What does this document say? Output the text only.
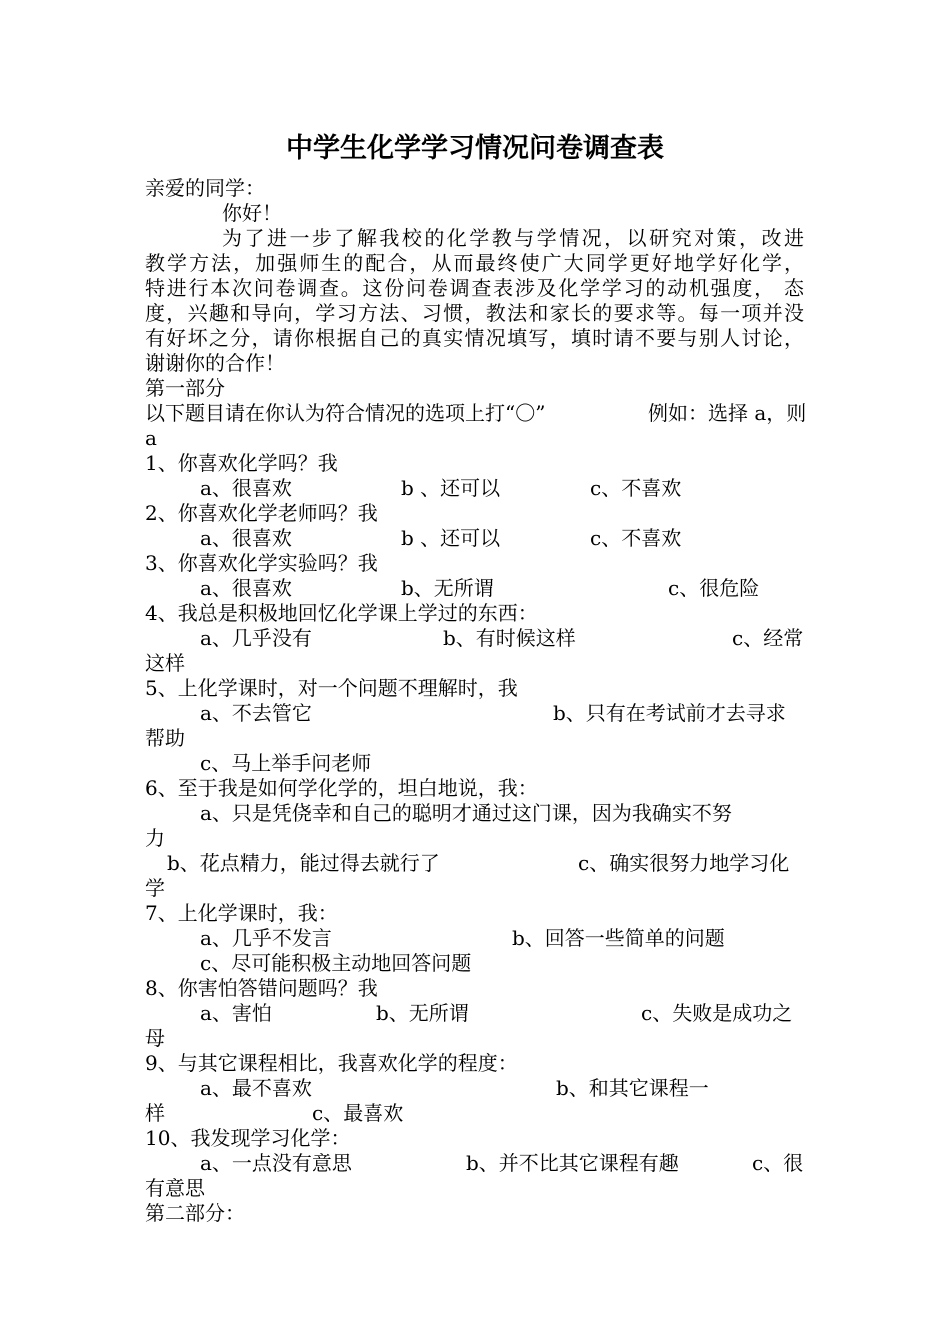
中学生化学学习情况问卷调查表
亲爱的同学：
你好！
为了进一步了解我校的化学教与学情况，以研究对策，改进
教学方法，加强师生的配合，从而最终使广大同学更好地学好化学，
特进行本次问卷调查。这份问卷调查表涉及化学学习的动机强度， 态
度，兴趣和导向，学习方法、习惯，教法和家长的要求等。每一项并没
有好坏之分，请你根据自己的真实情况填写，填时请不要与别人讨论，
谢谢你的合作！
第一部分
以下题目请在你认为符合情况的选项上打“〇”	例如：选择 a，则
a
1、你喜欢化学吗？我
a、很喜欢	b 、还可以	c、不喜欢
2、你喜欢化学老师吗？我
a、很喜欢	b 、还可以	c、不喜欢
3、你喜欢化学实验吗？我
a、很喜欢	b、无所谓	c、很危险
4、我总是积极地回忆化学课上学过的东西：
a、几乎没有	b、有时候这样	c、经常
这样
5、上化学课时，对一个问题不理解时，我
a、不去管它	b、只有在考试前才去寻求
帮助
c、马上举手问老师
6、至于我是如何学化学的，坦白地说，我：
a、只是凭侥幸和自己的聪明才通过这门课，因为我确实不努
力
b、花点精力，能过得去就行了	c、确实很努力地学习化
学
7、上化学课时，我：
a、几乎不发言	b、回答一些简单的问题
c、尽可能积极主动地回答问题
8、你害怕答错问题吗？我
a、害怕	b、无所谓	c、失败是成功之
母
9、与其它课程相比，我喜欢化学的程度：
a、最不喜欢	b、和其它课程一
样	c、最喜欢
10、我发现学习化学：
a、一点没有意思	b、并不比其它课程有趣	c、很
有意思
第二部分：
